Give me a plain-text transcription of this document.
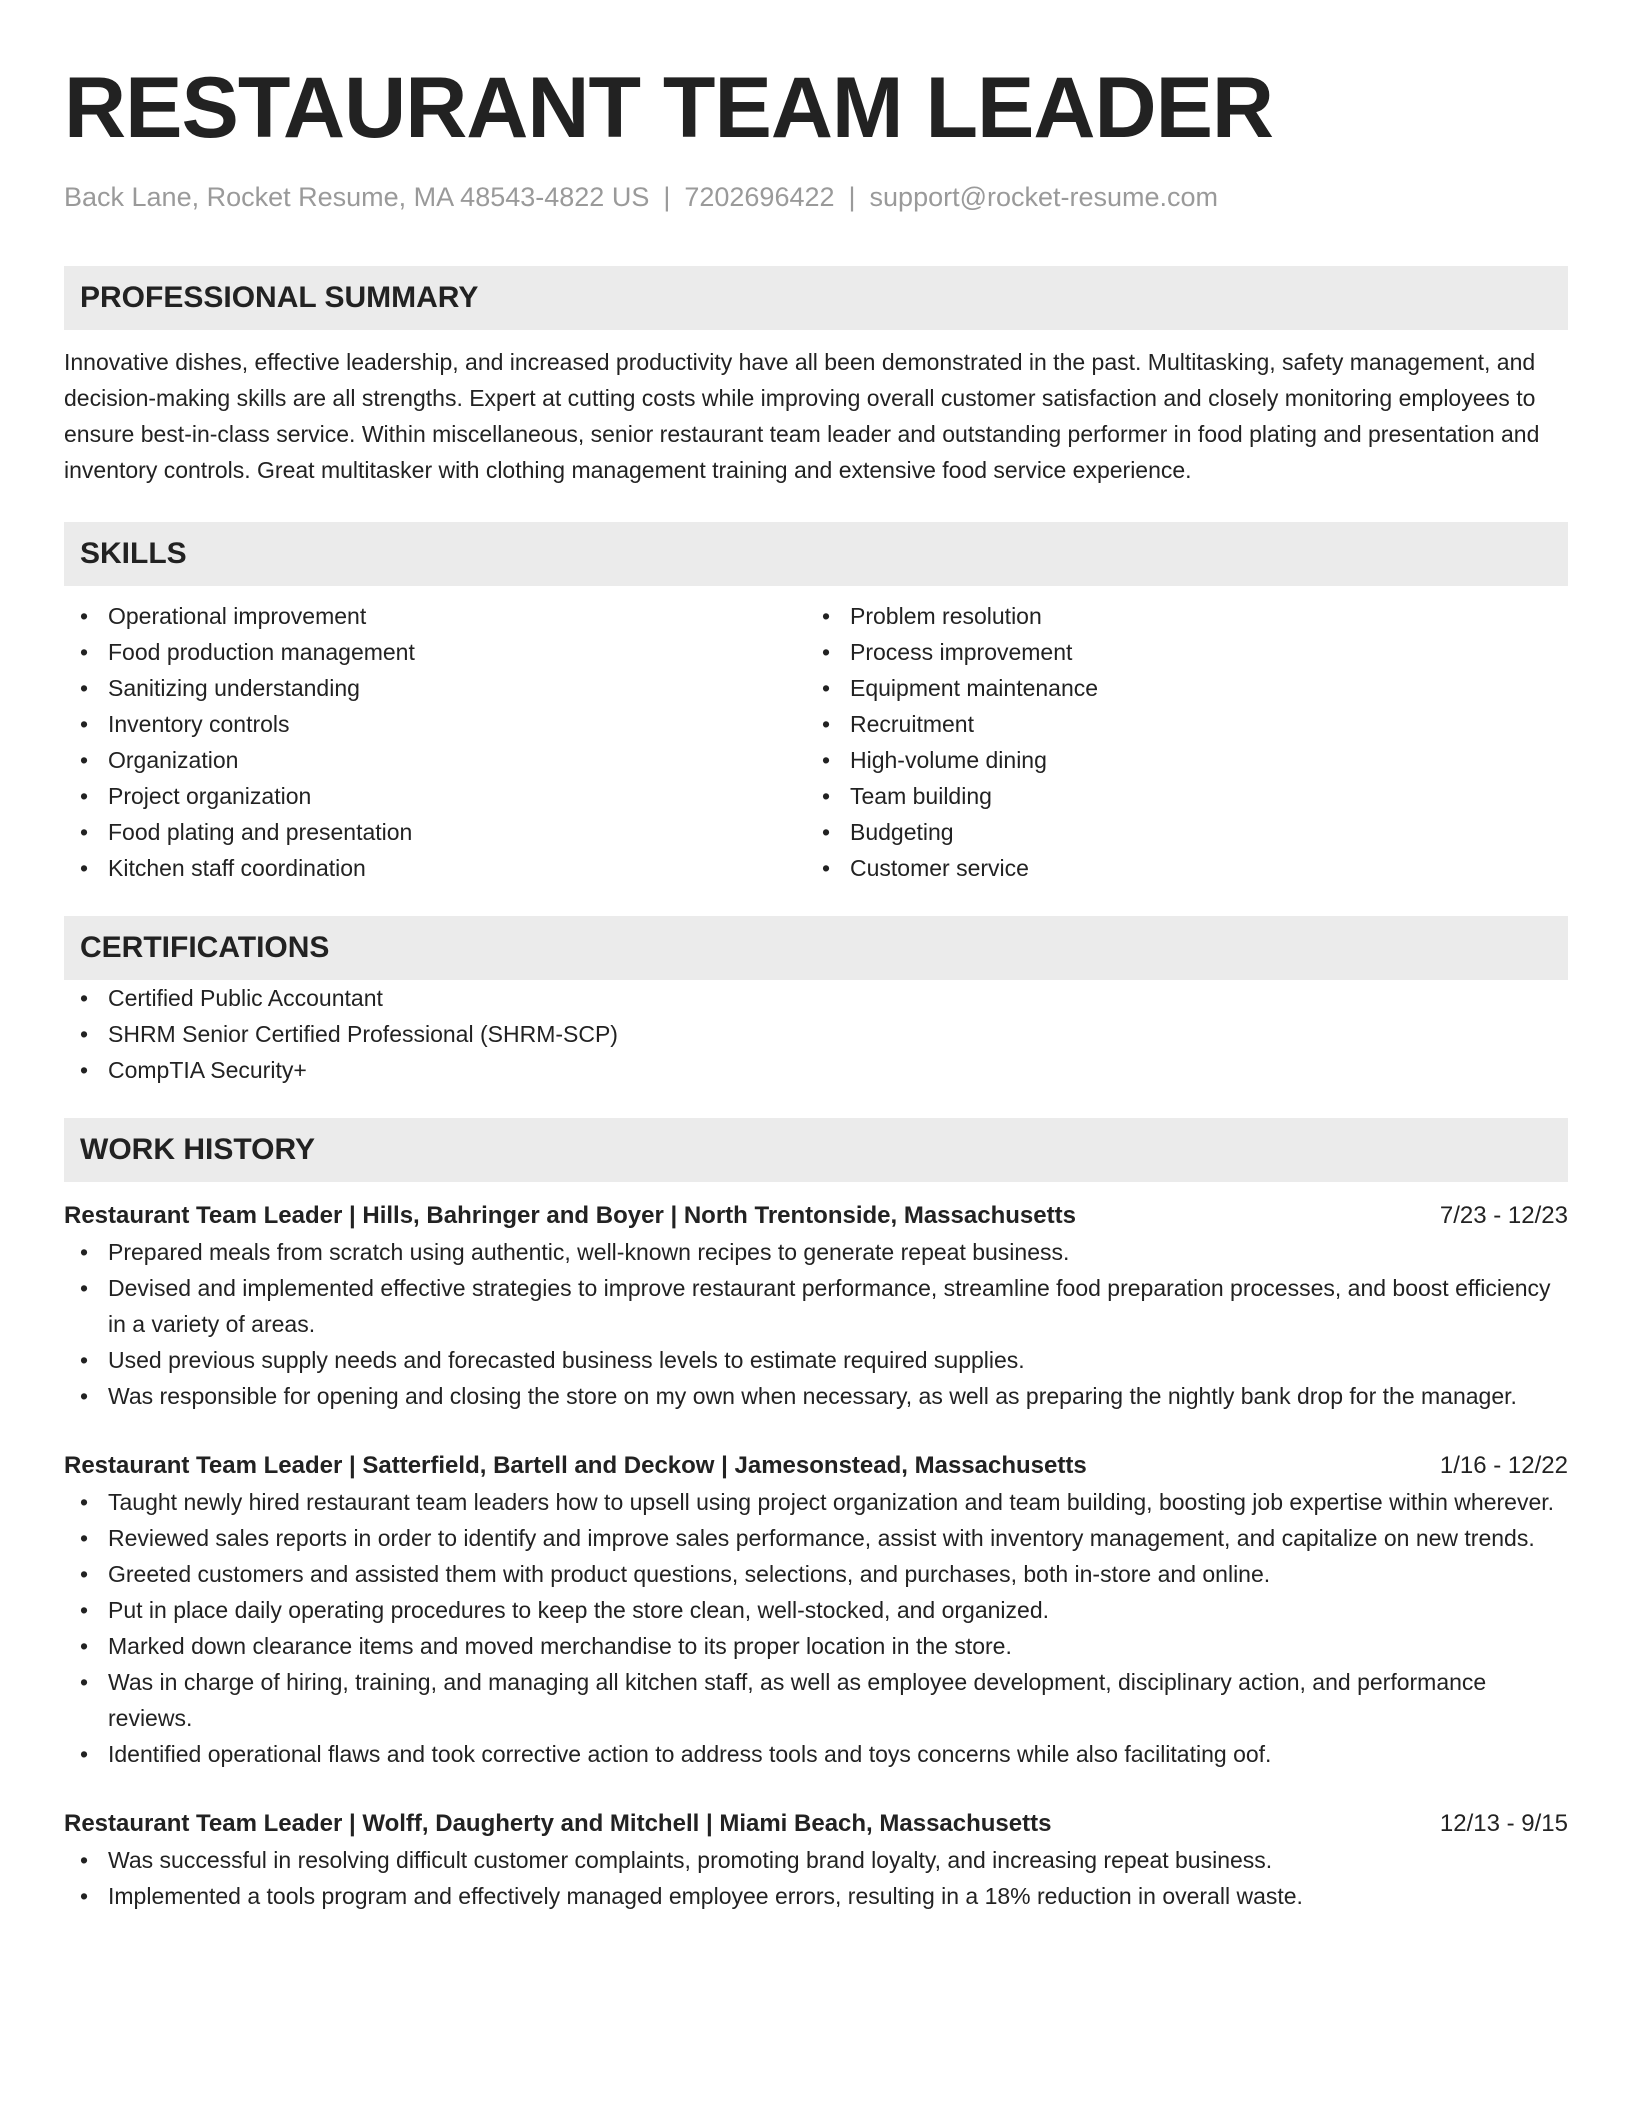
RESTAURANT TEAM LEADER
Back Lane, Rocket Resume, MA 48543-4822 US | 7202696422 | support@rocket-resume.com
PROFESSIONAL SUMMARY
Innovative dishes, effective leadership, and increased productivity have all been demonstrated in the past. Multitasking, safety management, and decision-making skills are all strengths. Expert at cutting costs while improving overall customer satisfaction and closely monitoring employees to ensure best-in-class service. Within miscellaneous, senior restaurant team leader and outstanding performer in food plating and presentation and inventory controls. Great multitasker with clothing management training and extensive food service experience.
SKILLS
• Operational improvement
• Food production management
• Sanitizing understanding
• Inventory controls
• Organization
• Project organization
• Food plating and presentation
• Kitchen staff coordination
• Problem resolution
• Process improvement
• Equipment maintenance
• Recruitment
• High-volume dining
• Team building
• Budgeting
• Customer service
CERTIFICATIONS
• Certified Public Accountant
• SHRM Senior Certified Professional (SHRM-SCP)
• CompTIA Security+
WORK HISTORY
Restaurant Team Leader | Hills, Bahringer and Boyer | North Trentonside, Massachusetts	7/23 - 12/23
• Prepared meals from scratch using authentic, well-known recipes to generate repeat business.
• Devised and implemented effective strategies to improve restaurant performance, streamline food preparation processes, and boost efficiency in a variety of areas.
• Used previous supply needs and forecasted business levels to estimate required supplies.
• Was responsible for opening and closing the store on my own when necessary, as well as preparing the nightly bank drop for the manager.
Restaurant Team Leader | Satterfield, Bartell and Deckow | Jamesonstead, Massachusetts	1/16 - 12/22
• Taught newly hired restaurant team leaders how to upsell using project organization and team building, boosting job expertise within wherever.
• Reviewed sales reports in order to identify and improve sales performance, assist with inventory management, and capitalize on new trends.
• Greeted customers and assisted them with product questions, selections, and purchases, both in-store and online.
• Put in place daily operating procedures to keep the store clean, well-stocked, and organized.
• Marked down clearance items and moved merchandise to its proper location in the store.
• Was in charge of hiring, training, and managing all kitchen staff, as well as employee development, disciplinary action, and performance reviews.
• Identified operational flaws and took corrective action to address tools and toys concerns while also facilitating oof.
Restaurant Team Leader | Wolff, Daugherty and Mitchell | Miami Beach, Massachusetts	12/13 - 9/15
• Was successful in resolving difficult customer complaints, promoting brand loyalty, and increasing repeat business.
• Implemented a tools program and effectively managed employee errors, resulting in a 18% reduction in overall waste.
